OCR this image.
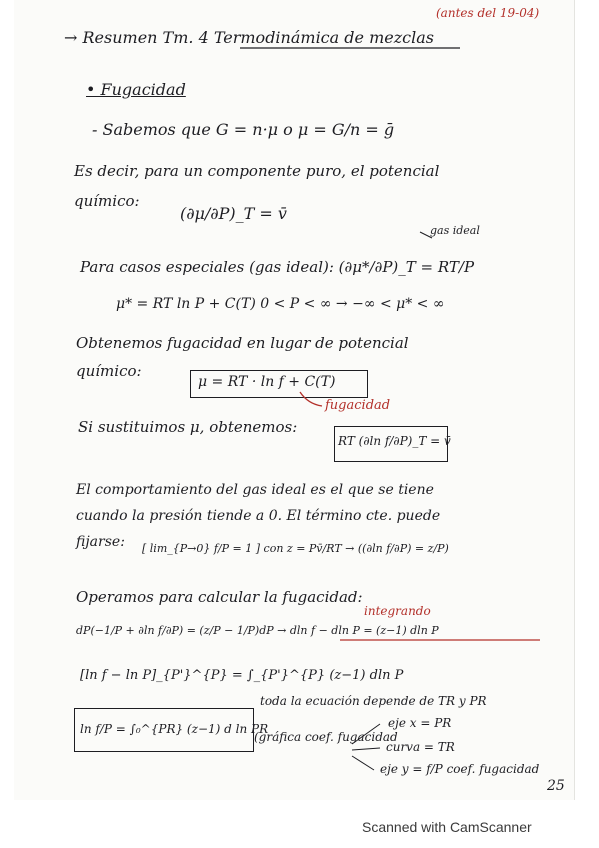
(antes del 19-04)
→ Resumen Tm. 4 Termodinámica de mezclas
• Fugacidad
- Sabemos que G = n·μ o μ = G/n = ḡ
Es decir, para un componente puro, el potencial
químico:
(∂μ/∂P)_T = v̄
gas ideal
Para casos especiales (gas ideal): (∂μ*/∂P)_T = RT/P
μ* = RT ln P + C(T) 0 < P < ∞ → −∞ < μ* < ∞
Obtenemos fugacidad en lugar de potencial
químico:
μ = RT · ln f + C(T)
fugacidad
Si sustituimos μ, obtenemos:
RT (∂ln f/∂P)_T = v̄
El comportamiento del gas ideal es el que se tiene
cuando la presión tiende a 0. El término cte. puede
fijarse: [ lim_{P→0} f/P = 1 ] con z = Pv̄/RT → ((∂ln f/∂P) = z/P)
Operamos para calcular la fugacidad:
integrando
dP(−1/P + ∂ln f/∂P) = (z/P − 1/P)dP → dln f − dln P = (z−1) dln P
[ln f − ln P]_{P'}^{P} = ∫_{P'}^{P} (z−1) dln P
toda la ecuación depende de TR y PR
ln f/P = ∫₀^{PR} (z−1) d ln PR
(gráfica coef. fugacidad
eje x = PR
curva = TR
eje y = f/P coef. fugacidad
25
Scanned with CamScanner
